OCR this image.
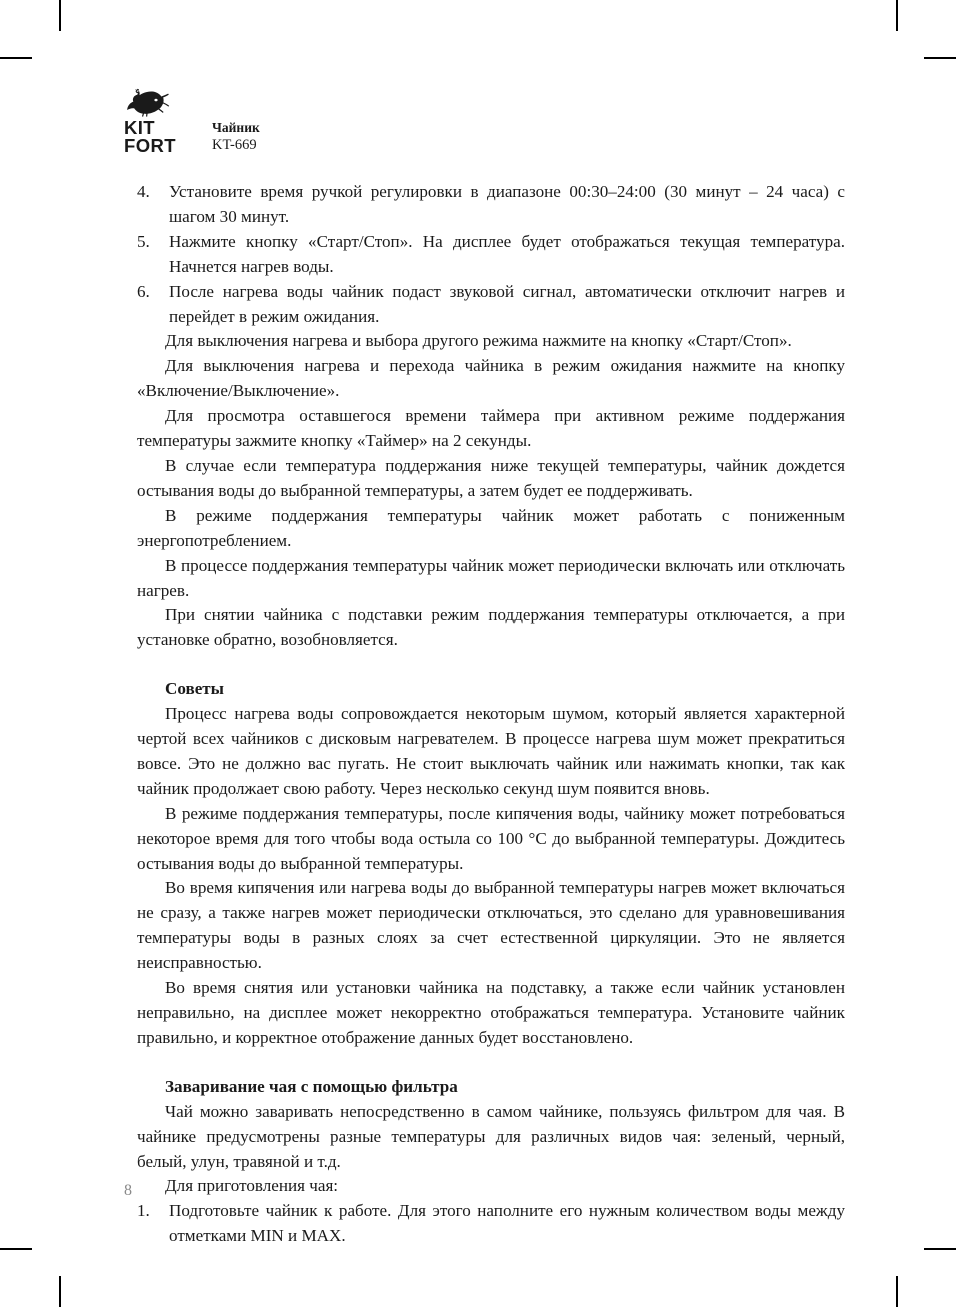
KIT
FORT
Чайник
KT-669

4.	Установите время ручкой регулировки в диапазоне 00:30–24:00 (30 минут – 24 часа) с шагом 30 минут.

5.	Нажмите кнопку «Старт/Стоп». На дисплее будет отображаться текущая температура. Начнется нагрев воды.

6.	После нагрева воды чайник подаст звуковой сигнал, автоматически отключит нагрев и перейдет в режим ожидания.

Для выключения нагрева и выбора другого режима нажмите на кнопку «Старт/Стоп».

Для выключения нагрева и перехода чайника в режим ожидания нажмите на кнопку «Включение/Выключение».

Для просмотра оставшегося времени таймера при активном режиме поддержания температуры зажмите кнопку «Таймер» на 2 секунды.

В случае если температура поддержания ниже текущей температуры, чайник дождется остывания воды до выбранной температуры, а затем будет ее поддерживать.

В режиме поддержания температуры чайник может работать с пониженным энергопотреблением.

В процессе поддержания температуры чайник может периодически включать или отключать нагрев.

При снятии чайника с подставки режим поддержания температуры отключается, а при установке обратно, возобновляется.

Советы

Процесс нагрева воды сопровождается некоторым шумом, который является характерной чертой всех чайников с дисковым нагревателем. В процессе нагрева шум может прекратиться вовсе. Это не должно вас пугать. Не стоит выключать чайник или нажимать кнопки, так как чайник продолжает свою работу. Через несколько секунд шум появится вновь.

В режиме поддержания температуры, после кипячения воды, чайнику может потребоваться некоторое время для того чтобы вода остыла со 100 °C до выбранной температуры. Дождитесь остывания воды до выбранной температуры.

Во время кипячения или нагрева воды до выбранной температуры нагрев может включаться не сразу, а также нагрев может периодически отключаться, это сделано для уравновешивания температуры воды в разных слоях за счет естественной циркуляции. Это не является неисправностью.

Во время снятия или установки чайника на подставку, а также если чайник установлен неправильно, на дисплее может некорректно отображаться температура. Установите чайник правильно, и корректное отображение данных будет восстановлено.

Заваривание чая с помощью фильтра

Чай можно заваривать непосредственно в самом чайнике, пользуясь фильтром для чая. В чайнике предусмотрены разные температуры для различных видов чая: зеленый, черный, белый, улун, травяной и т.д.

Для приготовления чая:

1.	Подготовьте чайник к работе. Для этого наполните его нужным количеством воды между отметками MIN и MAX.

8
